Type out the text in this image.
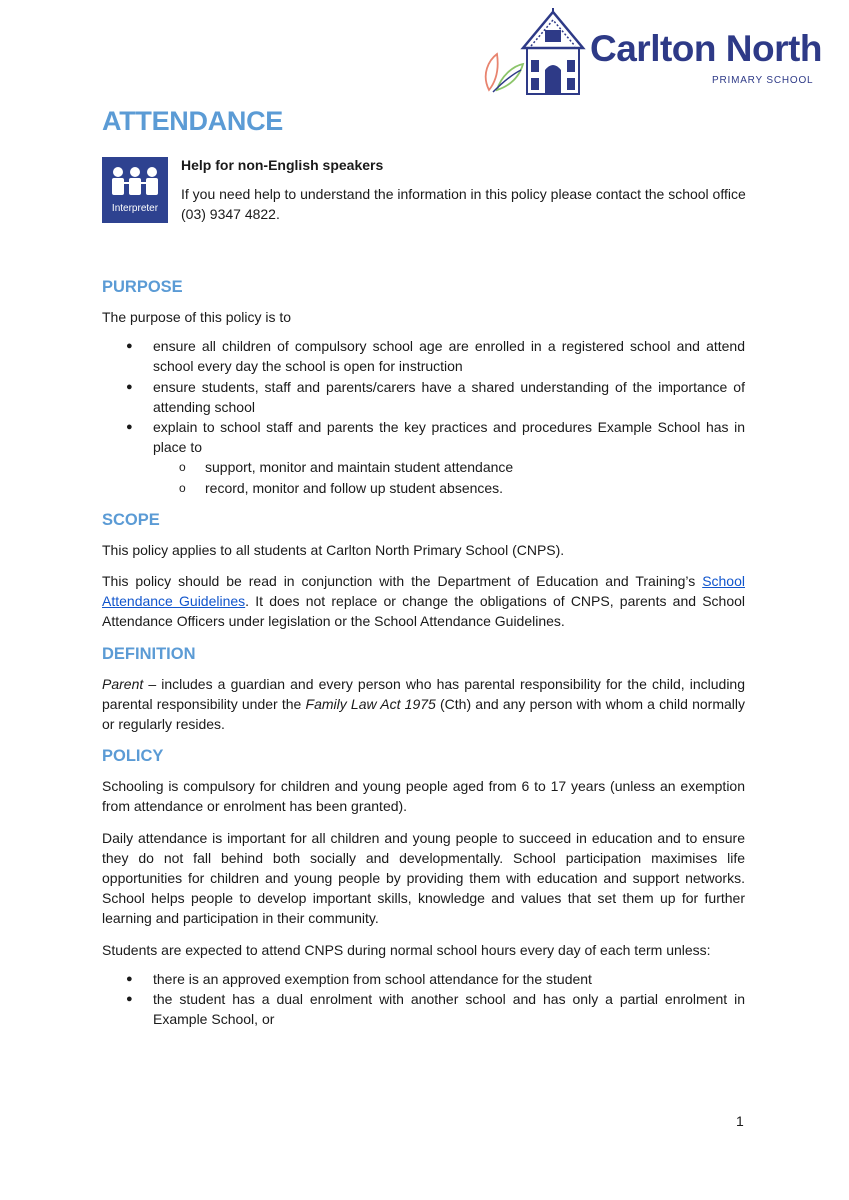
Carlton North
PRIMARY SCHOOL
ATTENDANCE
Interpreter

Help for non-English speakers

If you need help to understand the information in this policy please contact the school office (03) 9347 4822.

PURPOSE

The purpose of this policy is to

● ensure all children of compulsory school age are enrolled in a registered school and attend school every day the school is open for instruction
● ensure students, staff and parents/carers have a shared understanding of the importance of attending school
● explain to school staff and parents the key practices and procedures Example School has in place to
o support, monitor and maintain student attendance
o record, monitor and follow up student absences.
SCOPE

This policy applies to all students at Carlton North Primary School (CNPS).

This policy should be read in conjunction with the Department of Education and Training’s School Attendance Guidelines. It does not replace or change the obligations of CNPS, parents and School Attendance Officers under legislation or the School Attendance Guidelines.

DEFINITION

Parent – includes a guardian and every person who has parental responsibility for the child, including parental responsibility under the Family Law Act 1975 (Cth) and any person with whom a child normally or regularly resides.

POLICY

Schooling is compulsory for children and young people aged from 6 to 17 years (unless an exemption from attendance or enrolment has been granted).

Daily attendance is important for all children and young people to succeed in education and to ensure they do not fall behind both socially and developmentally. School participation maximises life opportunities for children and young people by providing them with education and support networks. School helps people to develop important skills, knowledge and values that set them up for further learning and participation in their community.

Students are expected to attend CNPS during normal school hours every day of each term unless:

● there is an approved exemption from school attendance for the student
● the student has a dual enrolment with another school and has only a partial enrolment in Example School, or
1
